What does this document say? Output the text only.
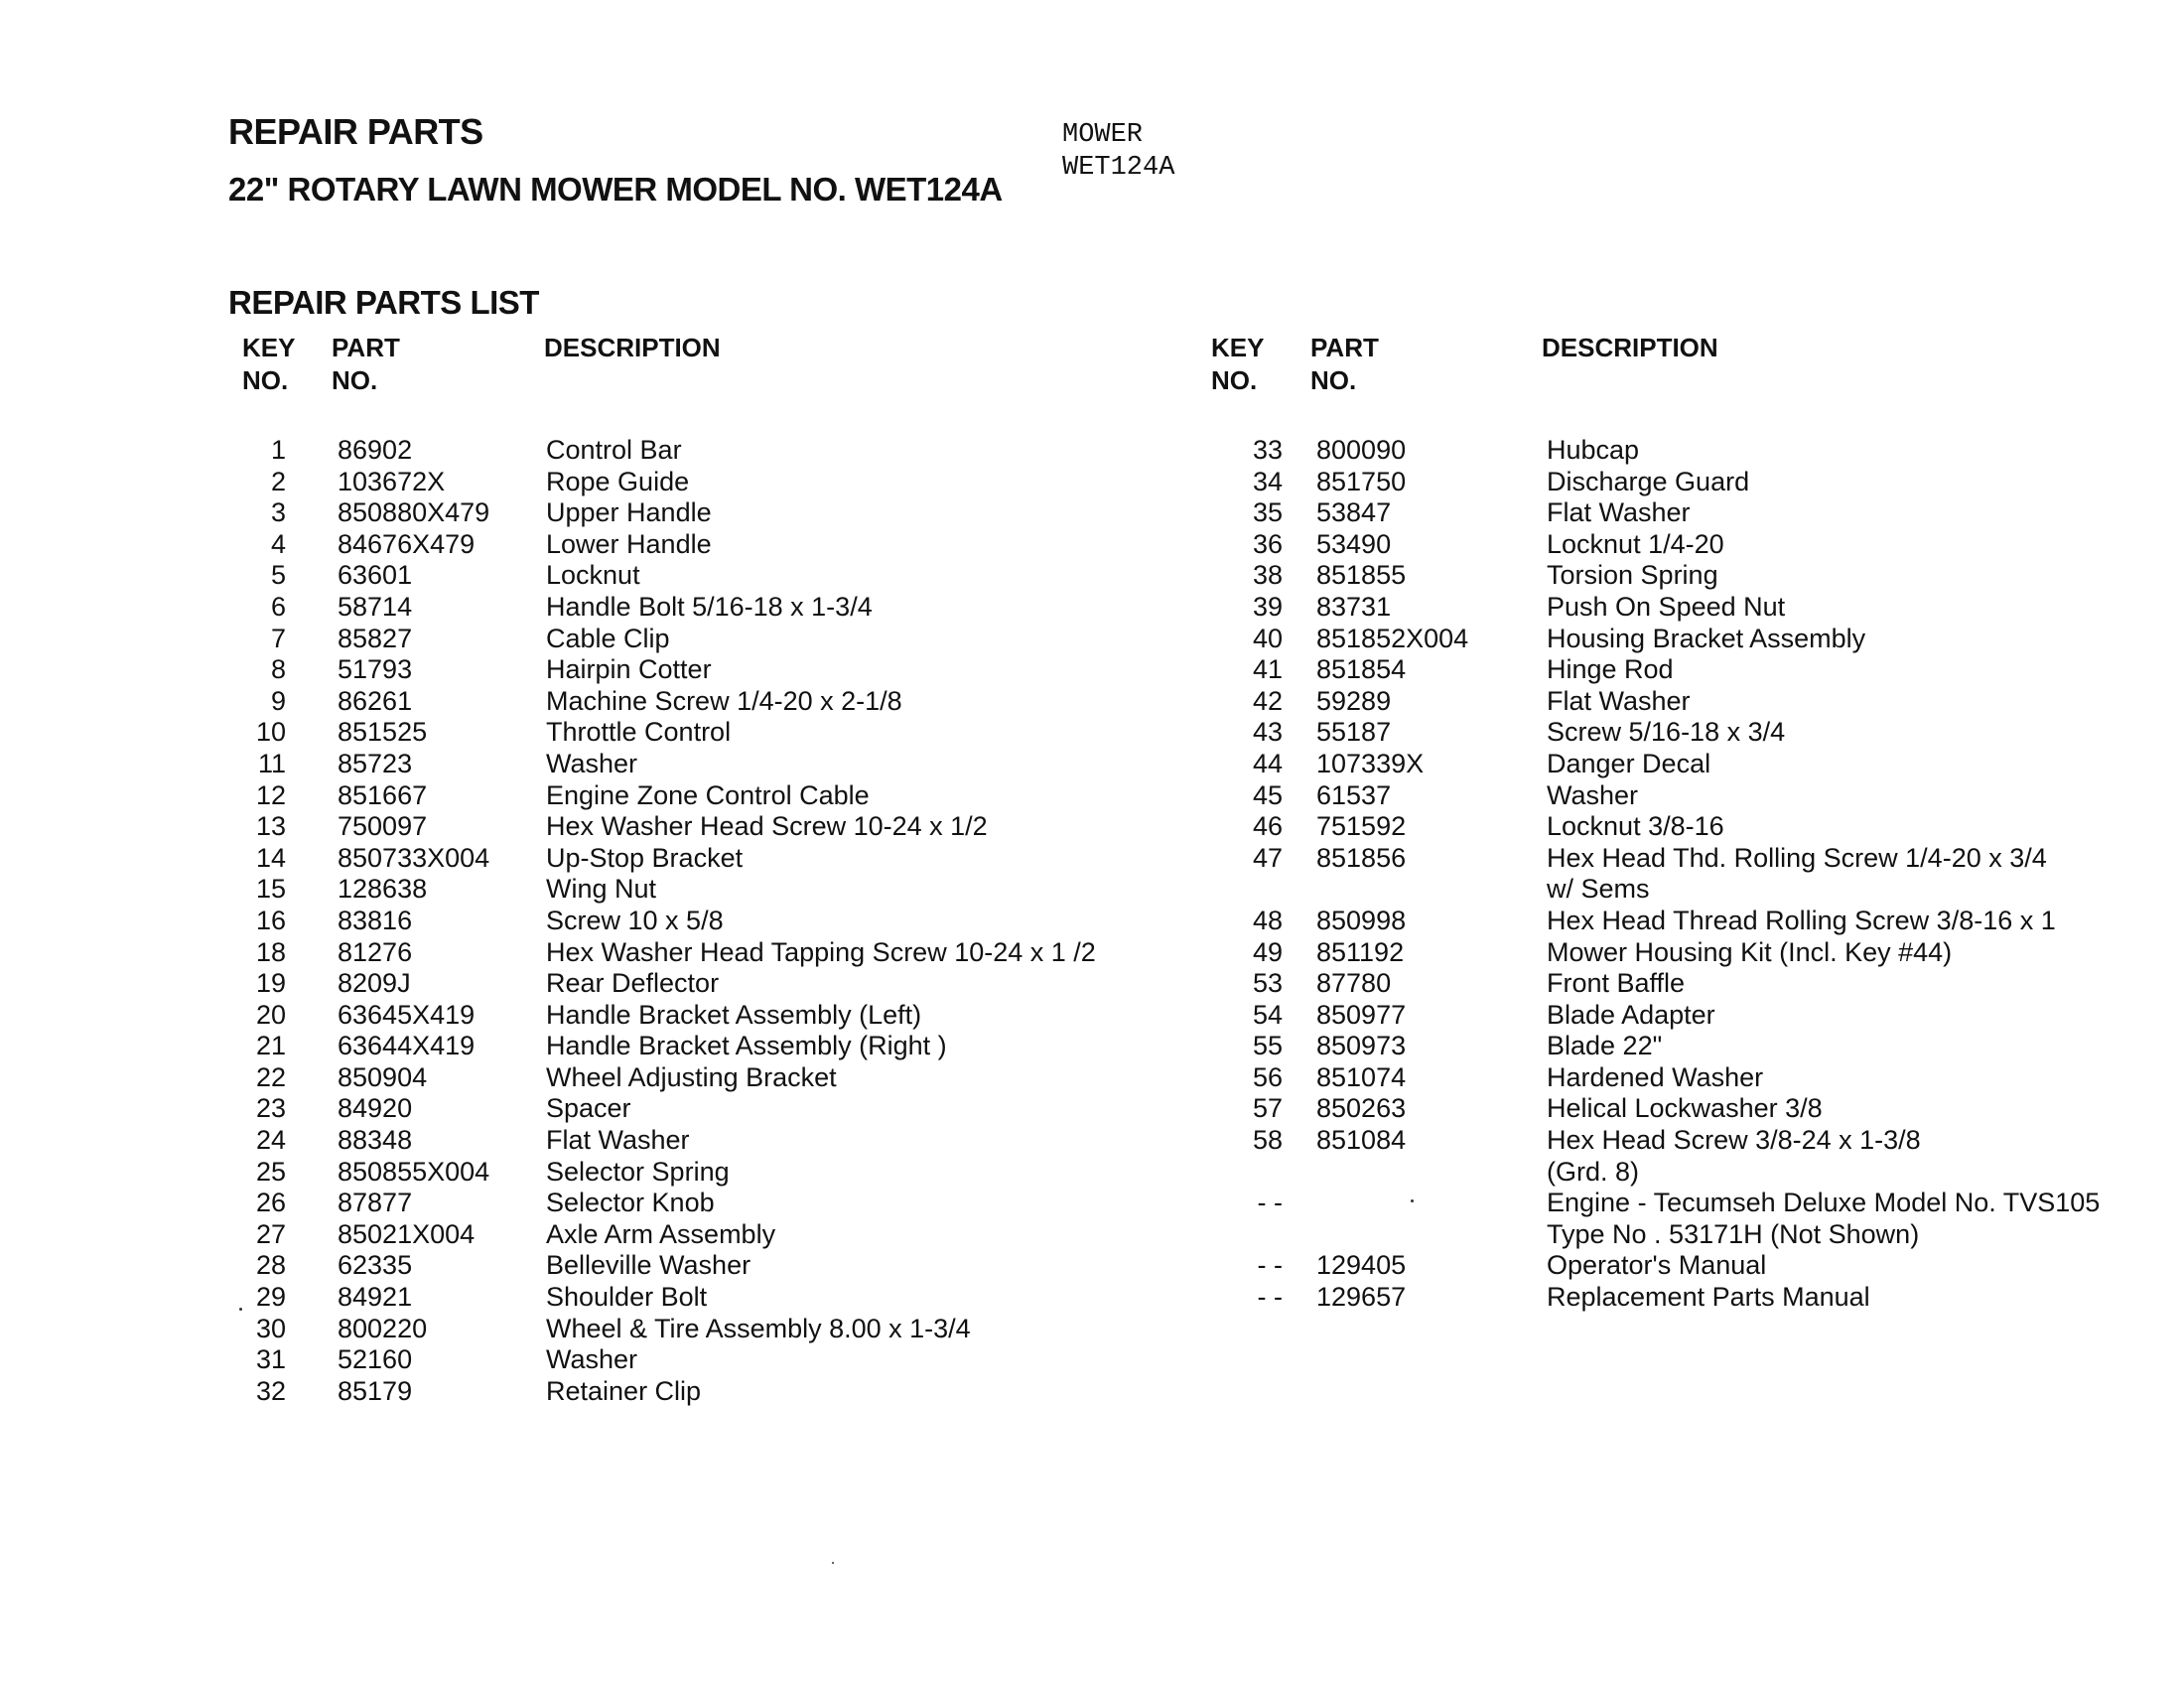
REPAIR PARTS
22" ROTARY LAWN MOWER MODEL NO. WET124A
MOWER
WET124A
REPAIR PARTS LIST
KEY
NO.
PART
NO.
DESCRIPTION	KEY
NO.
PART
NO.
DESCRIPTION
1 86902	Control Bar
2 103672X	Rope Guide
3 850880X479 Upper Handle
4 84676X479	Lower Handle
5 63601	Locknut
6 58714	Handle Bolt 5/16-18 x 1-3/4
7 85827	Cable Clip
8 51793	Hairpin Cotter
9 86261	Machine Screw 1/4-20 x 2-1/8
10 851525	Throttle Control
11 85723	Washer
12 851667	Engine Zone Control Cable
13 750097	Hex Washer Head Screw 10-24 x 1/2
14 850733X004 Up-Stop Bracket
15 128638	Wing Nut
16 83816	Screw 10 x 5/8
18 81276	Hex Washer Head Tapping Screw 10-24 x 1 /2
19 8209J	Rear Deflector
20 63645X419	Handle Bracket Assembly (Left)
21 63644X419	Handle Bracket Assembly (Right )
22 850904	Wheel Adjusting Bracket
23 84920	Spacer
24 88348	Flat Washer
25 850855X004 Selector Spring
26 87877	Selector Knob
27 85021X004	Axle Arm Assembly
28 62335	Belleville Washer
29 84921	Shoulder Bolt
30 800220	Wheel & Tire Assembly 8.00 x 1-3/4
31 52160	Washer
32 85179	Retainer Clip
33 800090	Hubcap
34 851750	Discharge Guard
35 53847	Flat Washer
36 53490	Locknut 1/4-20
38 851855	Torsion Spring
39 83731	Push On Speed Nut
40 851852X004	Housing Bracket Assembly
41 851854	Hinge Rod
42 59289	Flat Washer
43 55187	Screw 5/16-18 x 3/4
44 107339X	Danger Decal
45 61537	Washer
46 751592	Locknut 3/8-16
47 851856	Hex Head Thd. Rolling Screw 1/4-20 x 3/4
w/ Sems
48 850998	Hex Head Thread Rolling Screw 3/8-16 x 1
49 851192	Mower Housing Kit (Incl. Key #44)
53 87780	Front Baffle
54 850977	Blade Adapter
55 850973	Blade 22"
56 851074	Hardened Washer
57 850263	Helical Lockwasher 3/8
58 851084	Hex Head Screw 3/8-24 x 1-3/8
(Grd. 8)
- -	Engine - Tecumseh Deluxe Model No. TVS105
Type No . 53171H (Not Shown)
- - 129405	Operator's Manual
- - 129657	Replacement Parts Manual
